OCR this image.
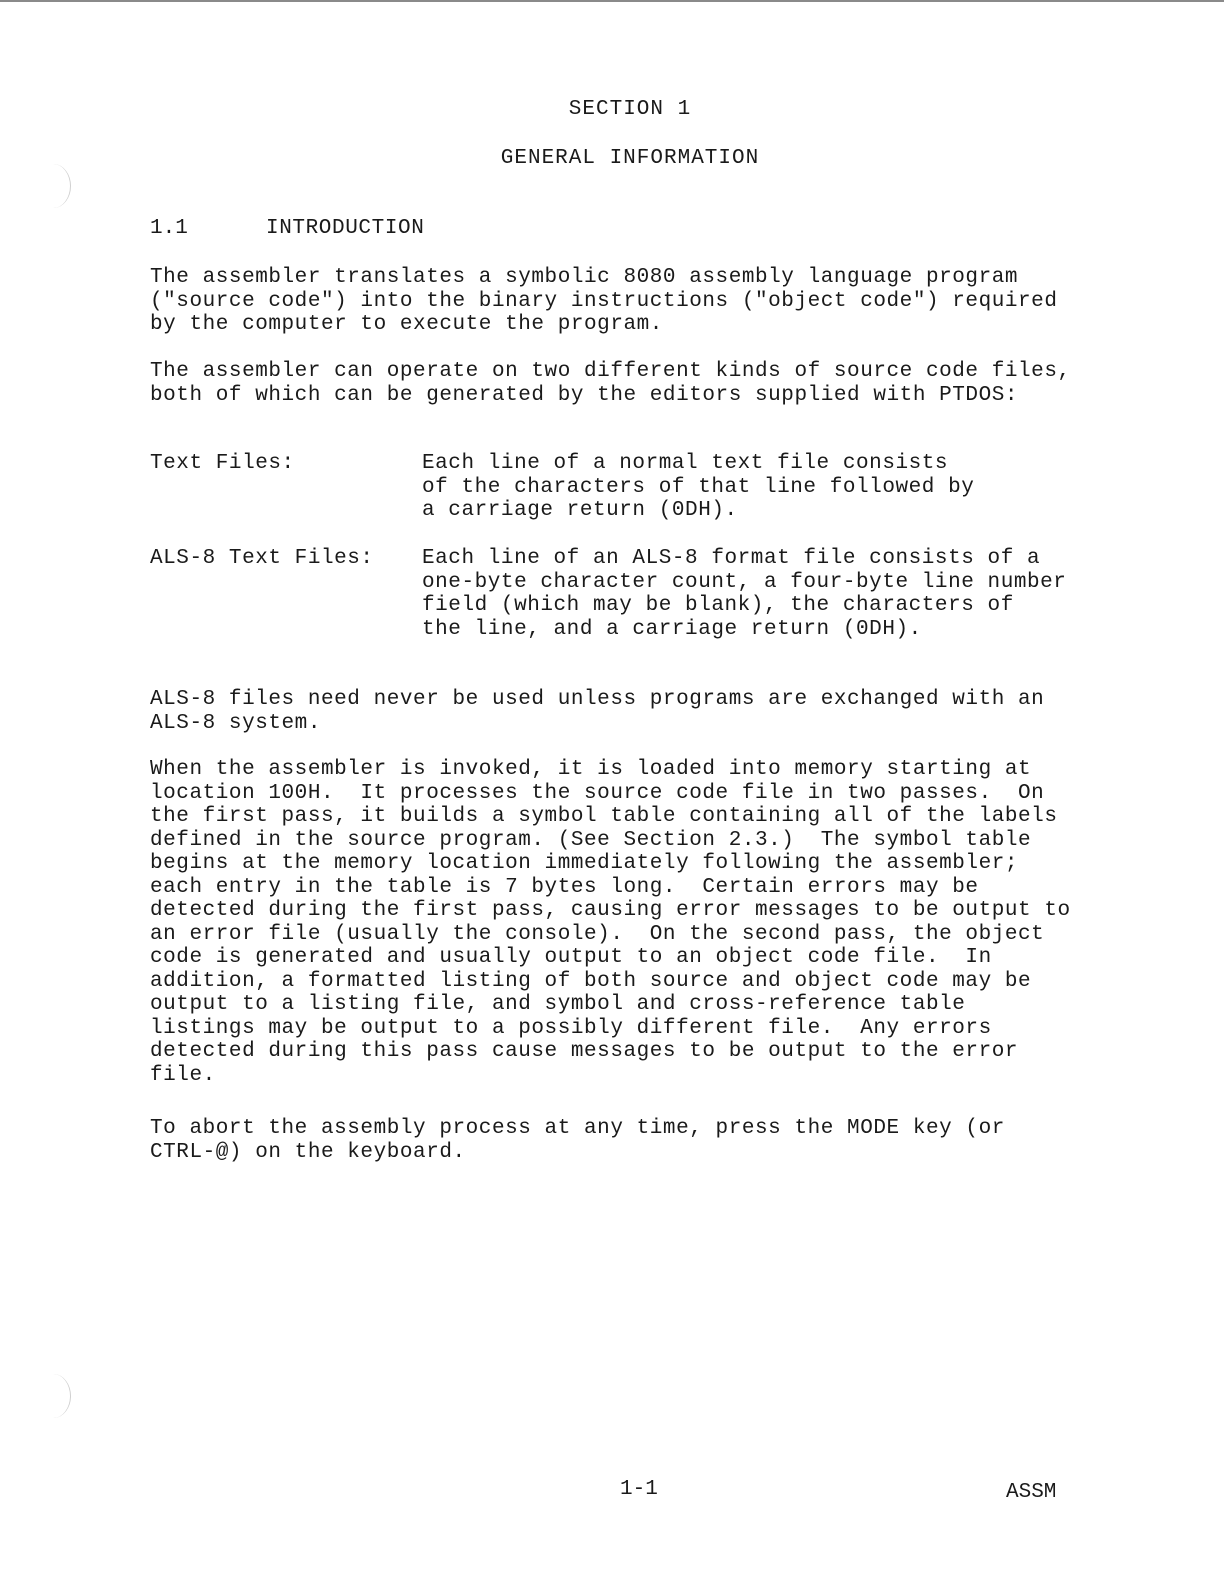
SECTION 1
GENERAL INFORMATION
1.1	INTRODUCTION
The assembler translates a symbolic 8080 assembly language program
("source code") into the binary instructions ("object code") required
by the computer to execute the program.
The assembler can operate on two different kinds of source code files,
both of which can be generated by the editors supplied with PTDOS:
Text Files:	Each line of a normal text file consists
of the characters of that line followed by
a carriage return (0DH).
ALS-8 Text Files: Each line of an ALS-8 format file consists of a
one-byte character count, a four-byte line number
field (which may be blank), the characters of
the line, and a carriage return (0DH).
ALS-8 files need never be used unless programs are exchanged with an
ALS-8 system.
When the assembler is invoked, it is loaded into memory starting at
location 100H.  It processes the source code file in two passes.  On
the first pass, it builds a symbol table containing all of the labels
defined in the source program. (See Section 2.3.)  The symbol table
begins at the memory location immediately following the assembler;
each entry in the table is 7 bytes long.  Certain errors may be
detected during the first pass, causing error messages to be output to
an error file (usually the console).  On the second pass, the object
code is generated and usually output to an object code file.  In
addition, a formatted listing of both source and object code may be
output to a listing file, and symbol and cross-reference table
listings may be output to a possibly different file.  Any errors
detected during this pass cause messages to be output to the error
file.
To abort the assembly process at any time, press the MODE key (or
CTRL-@) on the keyboard.
1-1	ASSM
